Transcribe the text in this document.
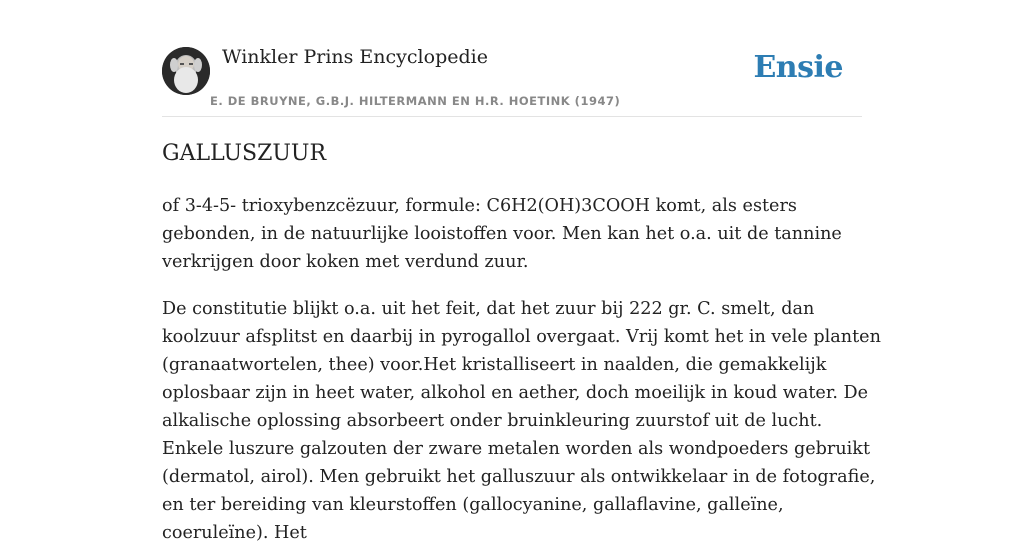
Winkler Prins Encyclopedie
E. DE BRUYNE, G.B.J. HILTERMANN EN H.R. HOETINK (1947)
Ensie
GALLUSZUUR

of 3-4-5- trioxybenzcëzuur, formule: C6H2(OH)3COOH komt, als esters gebonden, in de natuurlijke looistoffen voor. Men kan het o.a. uit de tannine verkrijgen door koken met verdund zuur.

De constitutie blijkt o.a. uit het feit, dat het zuur bij 222 gr. C. smelt, dan koolzuur afsplitst en daarbij in pyrogallol overgaat. Vrij komt het in vele planten (granaatwortelen, thee) voor.Het kristalliseert in naalden, die gemakkelijk oplosbaar zijn in heet water, alkohol en aether, doch moeilijk in koud water. De alkalische oplossing absorbeert onder bruinkleuring zuurstof uit de lucht. Enkele luszure galzouten der zware metalen worden als wondpoeders gebruikt (dermatol, airol). Men gebruikt het galluszuur als ontwikkelaar in de fotografie, en ter bereiding van kleurstoffen (gallocyanine, gallaflavine, galleïne, coeruleïne). Het
